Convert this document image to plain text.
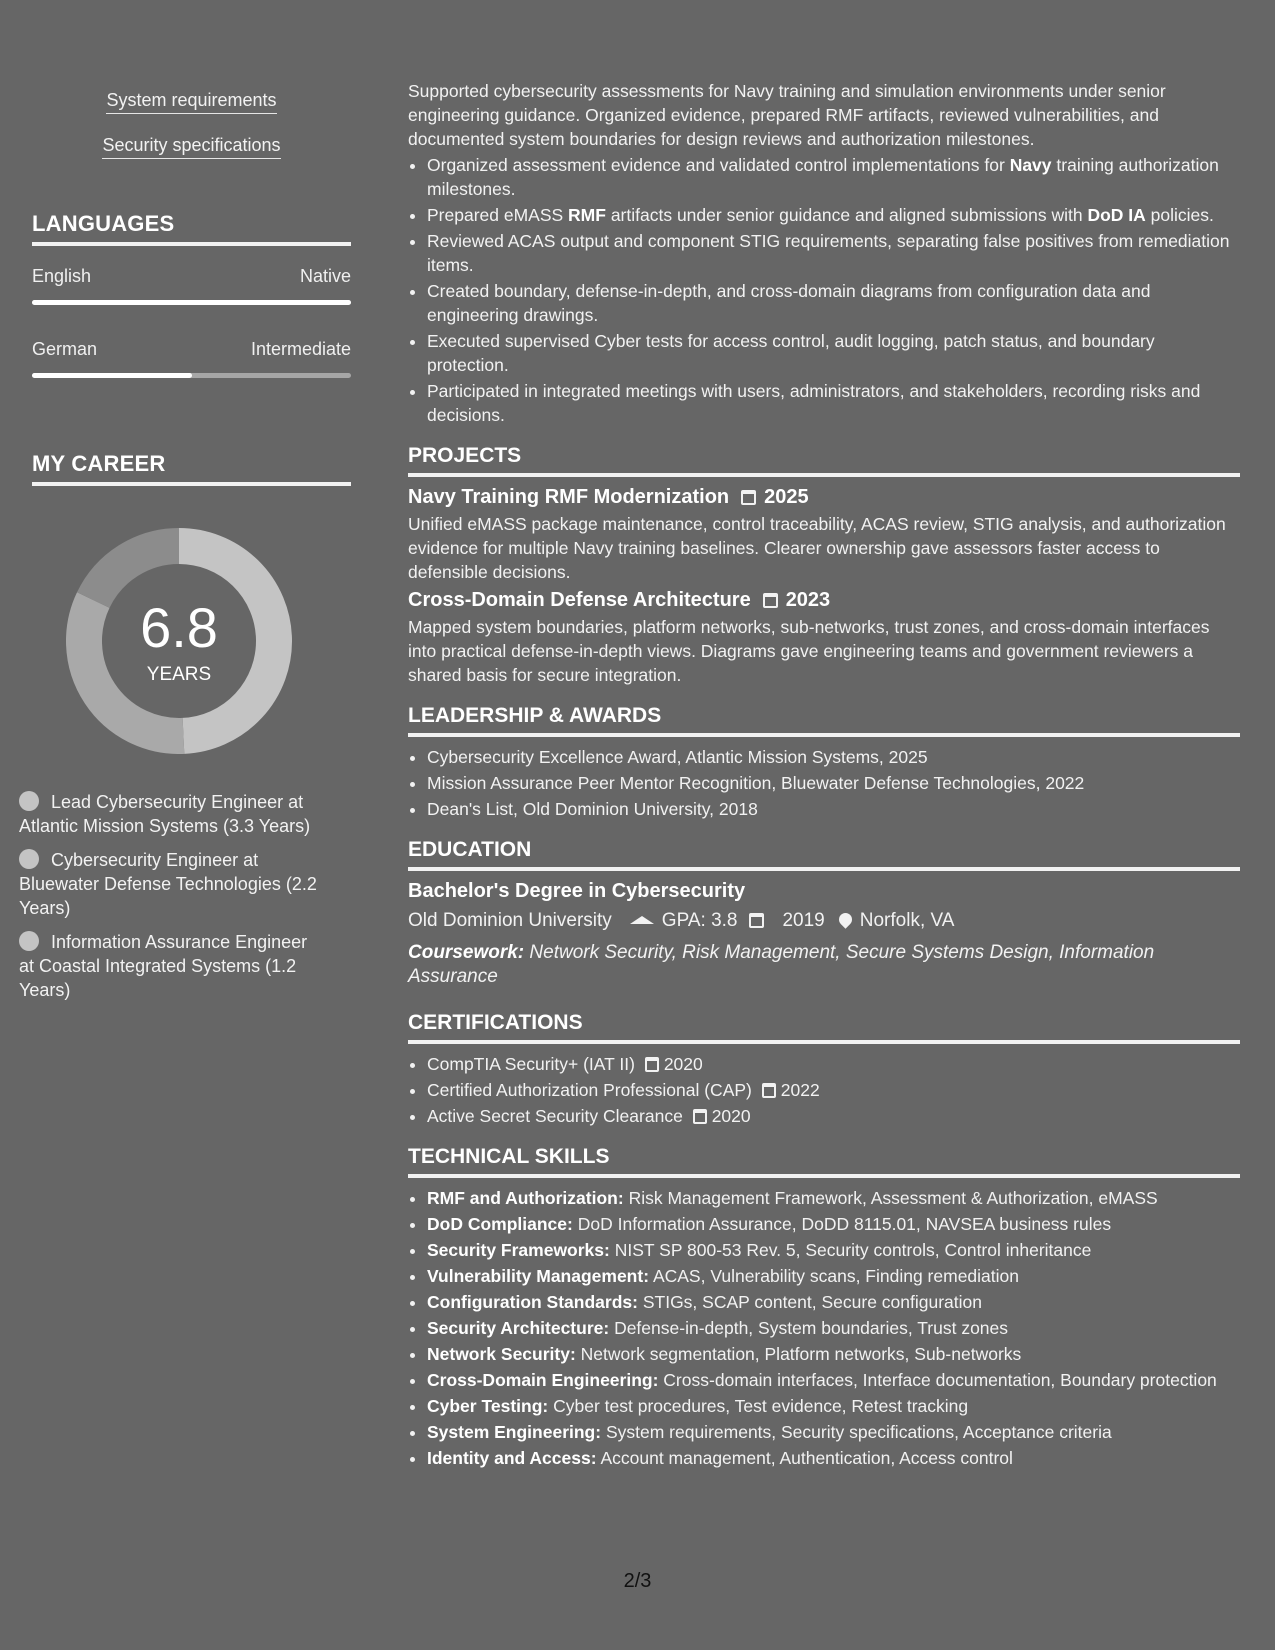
System requirements
Security specifications
LANGUAGES
English	Native
German	Intermediate
MY CAREER
6.8
YEARS
Lead Cybersecurity Engineer at Atlantic Mission Systems (3.3 Years)
Cybersecurity Engineer at Bluewater Defense Technologies (2.2 Years)
Information Assurance Engineer at Coastal Integrated Systems (1.2 Years)

Supported cybersecurity assessments for Navy training and simulation environments under senior engineering guidance. Organized evidence, prepared RMF artifacts, reviewed vulnerabilities, and documented system boundaries for design reviews and authorization milestones.

• Organized assessment evidence and validated control implementations for Navy training authorization milestones.
• Prepared eMASS RMF artifacts under senior guidance and aligned submissions with DoD IA policies.
• Reviewed ACAS output and component STIG requirements, separating false positives from remediation items.
• Created boundary, defense-in-depth, and cross-domain diagrams from configuration data and engineering drawings.
• Executed supervised Cyber tests for access control, audit logging, patch status, and boundary protection.
• Participated in integrated meetings with users, administrators, and stakeholders, recording risks and decisions.
PROJECTS
Navy Training RMF Modernization 2025

Unified eMASS package maintenance, control traceability, ACAS review, STIG analysis, and authorization evidence for multiple Navy training baselines. Clearer ownership gave assessors faster access to defensible decisions.

Cross-Domain Defense Architecture 2023

Mapped system boundaries, platform networks, sub-networks, trust zones, and cross-domain interfaces into practical defense-in-depth views. Diagrams gave engineering teams and government reviewers a shared basis for secure integration.

LEADERSHIP & AWARDS
• Cybersecurity Excellence Award, Atlantic Mission Systems, 2025
• Mission Assurance Peer Mentor Recognition, Bluewater Defense Technologies, 2022
• Dean's List, Old Dominion University, 2018
EDUCATION
Bachelor's Degree in Cybersecurity
Old Dominion University	GPA: 3.8 2019 Norfolk, VA
Coursework: Network Security, Risk Management, Secure Systems Design, Information Assurance
CERTIFICATIONS
• CompTIA Security+ (IAT II) 2020
• Certified Authorization Professional (CAP) 2022
• Active Secret Security Clearance 2020
TECHNICAL SKILLS
• RMF and Authorization: Risk Management Framework, Assessment & Authorization, eMASS
• DoD Compliance: DoD Information Assurance, DoDD 8115.01, NAVSEA business rules
• Security Frameworks: NIST SP 800-53 Rev. 5, Security controls, Control inheritance
• Vulnerability Management: ACAS, Vulnerability scans, Finding remediation
• Configuration Standards: STIGs, SCAP content, Secure configuration
• Security Architecture: Defense-in-depth, System boundaries, Trust zones
• Network Security: Network segmentation, Platform networks, Sub-networks
• Cross-Domain Engineering: Cross-domain interfaces, Interface documentation, Boundary protection
• Cyber Testing: Cyber test procedures, Test evidence, Retest tracking
• System Engineering: System requirements, Security specifications, Acceptance criteria
• Identity and Access: Account management, Authentication, Access control
2/3
